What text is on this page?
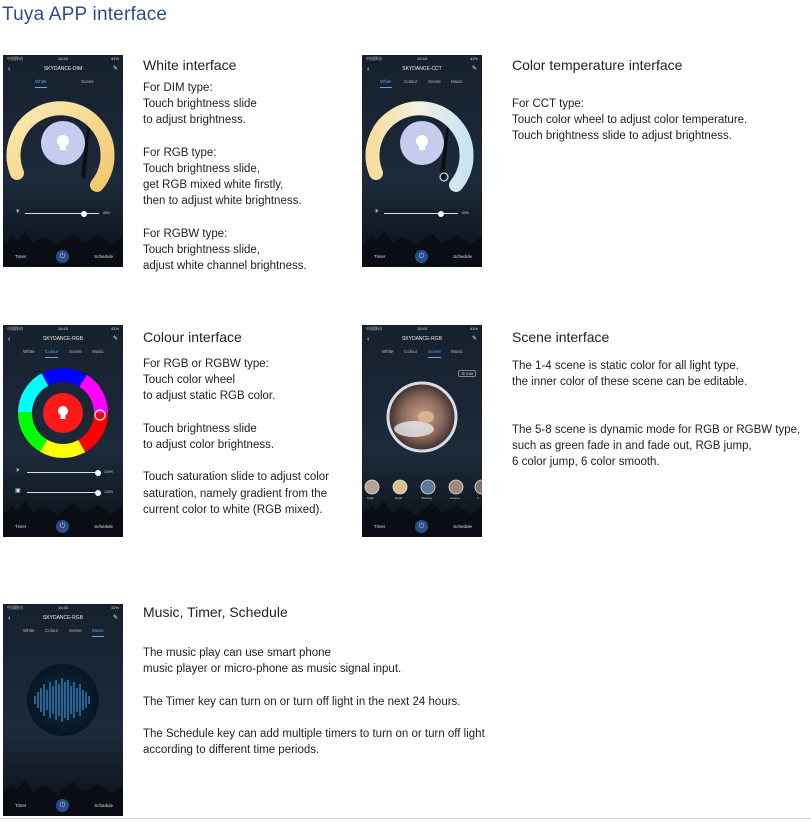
Tuya APP interface
中国移动	15:43	41%
‹	SKYDANCE-DIM	✎
White	Scene
☀	45%
Timer	⏻	Schedule
White interface
For DIM type:
Touch brightness slide
to adjust brightness.

For RGB type:
Touch brightness slide,
get RGB mixed white firstly,
then to adjust white brightness.

For RGBW type:
Touch brightness slide,
adjust white channel brightness.
中国移动	15:43	41%
‹	SKYDANCE-CCT	✎
White	Colour Scene Music
☀	50%
Timer	⏻	Schedule
Color temperature interface
For CCT type:
Touch color wheel to adjust color temperature.
Touch brightness slide to adjust brightness.
中国移动	15:43	41%
‹	SKYDANCE-RGB	✎
White Colour Scene Music
☀	100%
▣	100%
Timer	⏻	Schedule
Colour interface
For RGB or RGBW type:
Touch color wheel
to adjust static RGB color.

Touch brightness slide
to adjust color brightness.

Touch saturation slide to adjust color
saturation, namely gradient from the
current color to white (RGB mixed).
中国移动	15:43	41%
‹	SKYDANCE-RGB	✎
White Colour Scene Music
☰ Edit
Night	Read	Working	Leisure	S
Timer	⏻	Schedule
Scene interface
The 1-4 scene is static color for all light type.
the inner color of these scene can be editable.
The 5-8 scene is dynamic mode for RGB or RGBW type,
such as green fade in and fade out, RGB jump,
6 color jump, 6 color smooth.
中国移动	15:43	41%
‹	SKYDANCE-RGB	✎
White Colour Scene Music
Timer	⏻	Schedule
Music, Timer, Schedule
The music play can use smart phone
music player or micro-phone as music signal input.

The Timer key can turn on or turn off light in the next 24 hours.

The Schedule key can add multiple timers to turn on or turn off light
according to different time periods.
